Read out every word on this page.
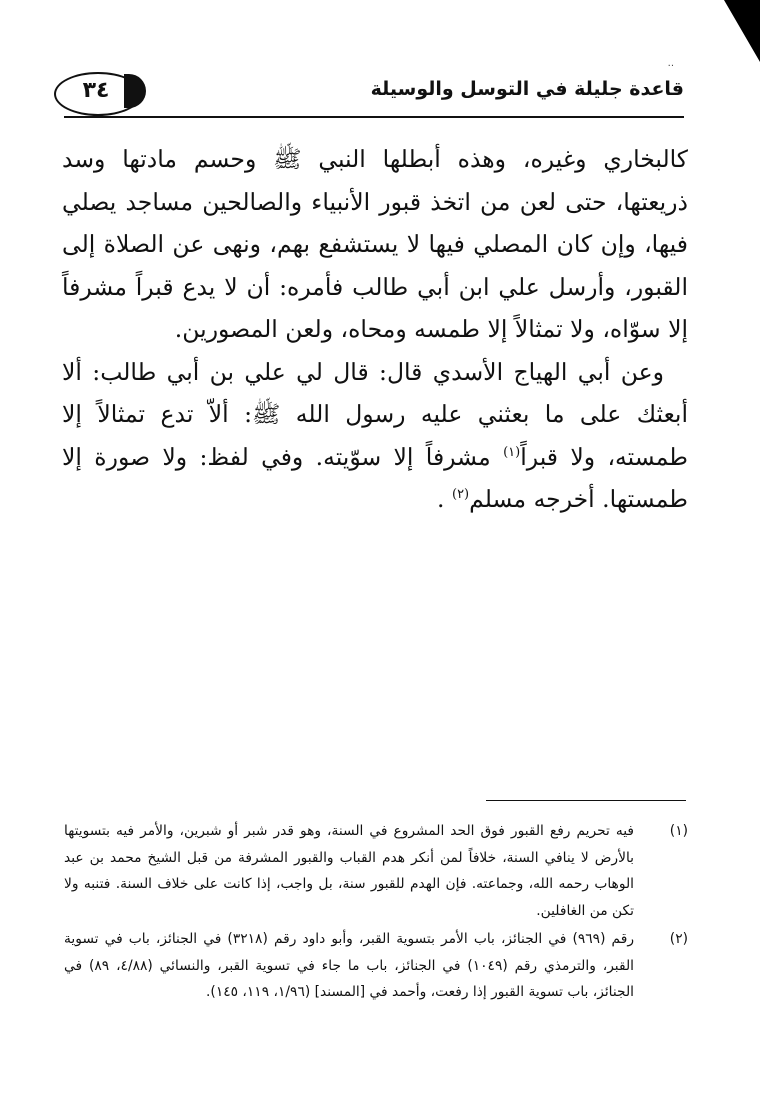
..
قاعدة جليلة في التوسل والوسيلة
٣٤

كالبخاري وغيره، وهذه أبطلها النبي ﷺ وحسم مادتها وسد ذريعتها، حتى لعن من اتخذ قبور الأنبياء والصالحين مساجد يصلي فيها، وإن كان المصلي فيها لا يستشفع بهم، ونهى عن الصلاة إلى القبور، وأرسل علي ابن أبي طالب فأمره: أن لا يدع قبراً مشرفاً إلا سوّاه، ولا تمثالاً إلا طمسه ومحاه، ولعن المصورين.

وعن أبي الهياج الأسدي قال: قال لي علي بن أبي طالب: ألا أبعثك على ما بعثني عليه رسول الله ﷺ: ألاّ تدع تمثالاً إلا طمسته، ولا قبراً$^{(١)}$ مشرفاً إلا سوّيته. وفي لفظ: ولا صورة إلا طمستها. أخرجه مسلم$^{(٢)}$ .

(١)
فيه تحريم رفع القبور فوق الحد المشروع في السنة، وهو قدر شبر أو شبرين، والأمر فيه بتسويتها بالأرض لا ينافي السنة، خلافاً لمن أنكر هدم القباب والقبور المشرفة من قبل الشيخ محمد بن عبد الوهاب رحمه الله، وجماعته. فإن الهدم للقبور سنة، بل واجب، إذا كانت على خلاف السنة. فتنبه ولا تكن من الغافلين.
(٢)
رقم (٩٦٩) في الجنائز، باب الأمر بتسوية القبر، وأبو داود رقم (٣٢١٨) في الجنائز، باب في تسوية القبر، والترمذي رقم (١٠٤٩) في الجنائز، باب ما جاء في تسوية القبر، والنسائي (٤/٨٨، ٨٩) في الجنائز، باب تسوية القبور إذا رفعت، وأحمد في [المسند] (١/٩٦، ١١٩، ١٤٥).
